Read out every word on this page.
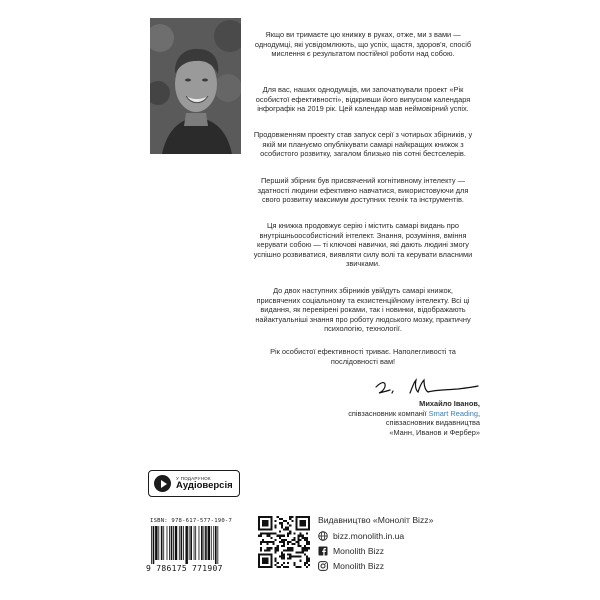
Якщо ви тримаєте цю книжку в руках, отже, ми з вами — однодумці, які усвідомлюють, що успіх, щастя, здоров'я, спосіб мислення є результатом постійної роботи над собою.

Для вас, наших однодумців, ми започаткували проект «Рік особистої ефективності», відкривши його випуском календаря інфографік на 2019 рік. Цей календар мав неймовірний успіх.

Продовженням проекту став запуск серії з чотирьох збірників, у якій ми плануємо опублікувати самарі найкращих книжок з особистого розвитку, загалом близько пів сотні бестселерів.

Перший збірник був присвячений когнітивному інтелекту — здатності людини ефективно навчатися, використовуючи для свого розвитку максимум доступних технік та інструментів.

Ця книжка продовжує серію і містить самарі видань про внутрішньоособистісний інтелект. Знання, розуміння, вміння керувати собою — ті ключові навички, які дають людині змогу успішно розвиватися, виявляти силу волі та керувати власними звичками.

До двох наступних збірників увійдуть самарі книжок, присвячених соціальному та екзистенційному інтелекту. Всі ці видання, як перевірені роками, так і новинки, відображають найактуальніші знання про роботу людського мозку, практичну психологію, технології.

Рік особистої ефективності триває. Наполегливості та послідовності вам!

Михайло Іванов,
співзасновник компанії Smart Reading,
співзасновник видавництва
«Манн, Иванов и Фербер»
У ПОДАРУНОК
Аудіоверсія
ISBN: 978-617-577-190-7
9 786175 771907
Видавництво «Моноліт Bizz»
bizz.monolith.in.ua
Monolith Bizz
Monolith Bizz
